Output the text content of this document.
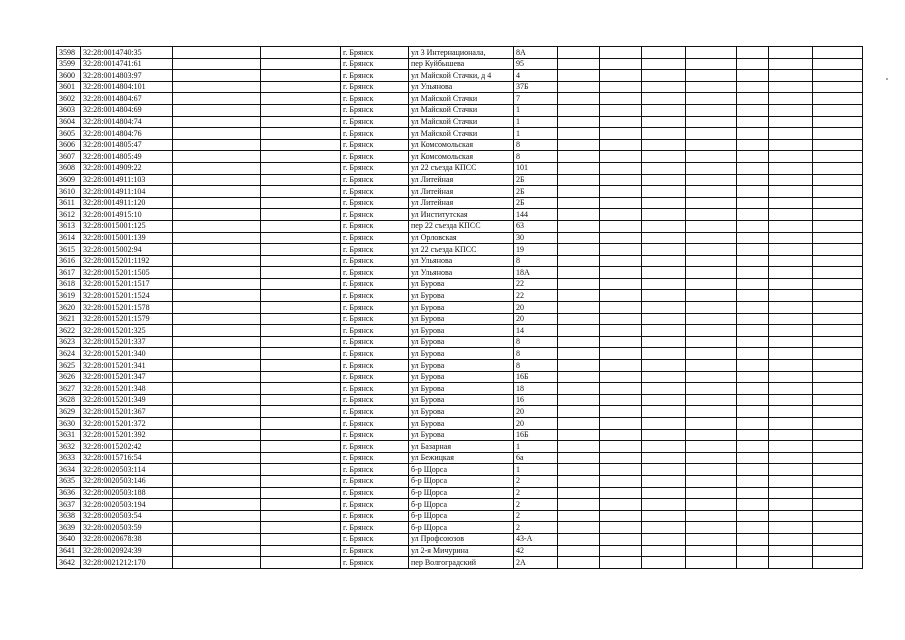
3598	32:28:0014740:35			г. Брянск	ул 3 Интернационала,	8А							
3599	32:28:0014741:61			г. Брянск	пер Куйбышева	95							
3600	32:28:0014803:97			г. Брянск	ул Майской Стачки, д 4	4							
3601	32:28:0014804:101			г. Брянск	ул Ульянова	37Б							
3602	32:28:0014804:67			г. Брянск	ул Майской Стачки	7							
3603	32:28:0014804:69			г. Брянск	ул Майской Стачки	1							
3604	32:28:0014804:74			г. Брянск	ул Майской Стачки	1							
3605	32:28:0014804:76			г. Брянск	ул Майской Стачки	1							
3606	32:28:0014805:47			г. Брянск	ул Комсомольская	8							
3607	32:28:0014805:49			г. Брянск	ул Комсомольская	8							
3608	32:28:0014909:22			г. Брянск	ул 22 съезда КПСС	101							
3609	32:28:0014911:103			г. Брянск	ул Литейная	2Б							
3610	32:28:0014911:104			г. Брянск	ул Литейная	2Б							
3611	32:28:0014911:120			г. Брянск	ул Литейная	2Б							
3612	32:28:0014915:10			г. Брянск	ул Институтская	144							
3613	32:28:0015001:125			г. Брянск	пер 22 съезда КПСС	63							
3614	32:28:0015001:139			г. Брянск	ул Орловская	30							
3615	32:28:0015002:94			г. Брянск	ул 22 съезда КПСС	19							
3616	32:28:0015201:1192			г. Брянск	ул Ульянова	8							
3617	32:28:0015201:1505			г. Брянск	ул Ульянова	18А							
3618	32:28:0015201:1517			г. Брянск	ул Бурова	22							
3619	32:28:0015201:1524			г. Брянск	ул Бурова	22							
3620	32:28:0015201:1578			г. Брянск	ул Бурова	20							
3621	32:28:0015201:1579			г. Брянск	ул Бурова	20							
3622	32:28:0015201:325			г. Брянск	ул Бурова	14							
3623	32:28:0015201:337			г. Брянск	ул Бурова	8							
3624	32:28:0015201:340			г. Брянск	ул Бурова	8							
3625	32:28:0015201:341			г. Брянск	ул Бурова	8							
3626	32:28:0015201:347			г. Брянск	ул Бурова	16Б							
3627	32:28:0015201:348			г. Брянск	ул Бурова	18							
3628	32:28:0015201:349			г. Брянск	ул Бурова	16							
3629	32:28:0015201:367			г. Брянск	ул Бурова	20							
3630	32:28:0015201:372			г. Брянск	ул Бурова	20							
3631	32:28:0015201:392			г. Брянск	ул Бурова	16Б							
3632	32:28:0015202:42			г. Брянск	ул Базарная	1							
3633	32:28:0015716:54			г. Брянск	ул Бежицкая	6а							
3634	32:28:0020503:114			г. Брянск	б-р Щорса	1							
3635	32:28:0020503:146			г. Брянск	б-р Щорса	2							
3636	32:28:0020503:188			г. Брянск	б-р Щорса	2							
3637	32:28:0020503:194			г. Брянск	б-р Щорса	2							
3638	32:28:0020503:54			г. Брянск	б-р Щорса	2							
3639	32:28:0020503:59			г. Брянск	б-р Щорса	2							
3640	32:28:0020678:38			г. Брянск	ул Профсоюзов	43-А							
3641	32:28:0020924:39			г. Брянск	ул 2-я Мичурина	42							
3642	32:28:0021212:170			г. Брянск	пер Волгоградский	2А							
